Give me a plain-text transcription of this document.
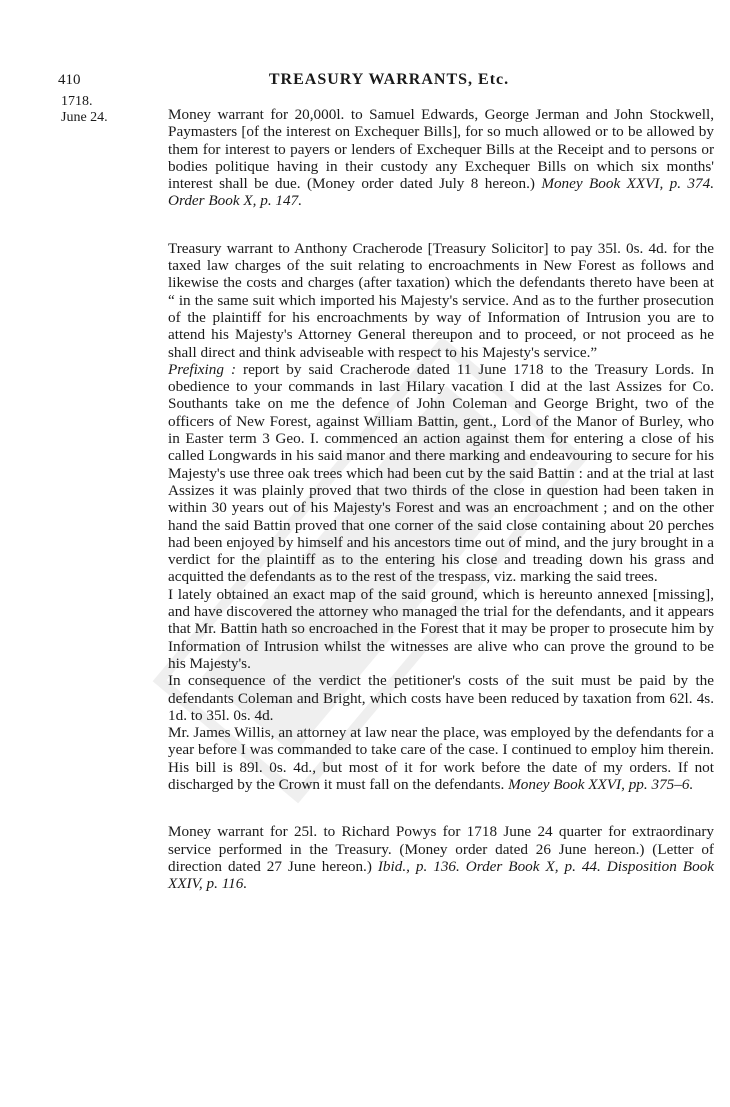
410	TREASURY WARRANTS, Etc.
1718.
June 24.	Money warrant for 20,000l. to Samuel Edwards, George Jerman and John Stockwell, Paymasters [of the interest on Exchequer Bills], for so much allowed or to be allowed by them for interest to payers or lenders of Exchequer Bills at the Receipt and to persons or bodies politique having in their custody any Exchequer Bills on which six months' interest shall be due. (Money order dated July 8 hereon.) Money Book XXVI, p. 374. Order Book X, p. 147.

Treasury warrant to Anthony Cracherode [Treasury Solicitor] to pay 35l. 0s. 4d. for the taxed law charges of the suit relating to encroachments in New Forest as follows and likewise the costs and charges (after taxation) which the defendants thereto have been at “ in the same suit which imported his Majesty's service. And as to the further prosecution of the plaintiff for his encroachments by way of Information of Intrusion you are to attend his Majesty's Attorney General thereupon and to proceed, or not proceed as he shall direct and think adviseable with respect to his Majesty's service.”

Prefixing : report by said Cracherode dated 11 June 1718 to the Treasury Lords. In obedience to your commands in last Hilary vacation I did at the last Assizes for Co. Southants take on me the defence of John Coleman and George Bright, two of the officers of New Forest, against William Battin, gent., Lord of the Manor of Burley, who in Easter term 3 Geo. I. commenced an action against them for entering a close of his called Longwards in his said manor and there marking and endeavouring to secure for his Majesty's use three oak trees which had been cut by the said Battin : and at the trial at last Assizes it was plainly proved that two thirds of the close in question had been taken in within 30 years out of his Majesty's Forest and was an encroachment ; and on the other hand the said Battin proved that one corner of the said close containing about 20 perches had been enjoyed by himself and his ancestors time out of mind, and the jury brought in a verdict for the plaintiff as to the entering his close and treading down his grass and acquitted the defendants as to the rest of the trespass, viz. marking the said trees.

I lately obtained an exact map of the said ground, which is hereunto annexed [missing], and have discovered the attorney who managed the trial for the defendants, and it appears that Mr. Battin hath so encroached in the Forest that it may be proper to prosecute him by Information of Intrusion whilst the witnesses are alive who can prove the ground to be his Majesty's.

In consequence of the verdict the petitioner's costs of the suit must be paid by the defendants Coleman and Bright, which costs have been reduced by taxation from 62l. 4s. 1d. to 35l. 0s. 4d.

Mr. James Willis, an attorney at law near the place, was employed by the defendants for a year before I was commanded to take care of the case. I continued to employ him therein. His bill is 89l. 0s. 4d., but most of it for work before the date of my orders. If not discharged by the Crown it must fall on the defendants. Money Book XXVI, pp. 375–6.

Money warrant for 25l. to Richard Powys for 1718 June 24 quarter for extraordinary service performed in the Treasury. (Money order dated 26 June hereon.) (Letter of direction dated 27 June hereon.) Ibid., p. 136. Order Book X, p. 44. Disposition Book XXIV, p. 116.
